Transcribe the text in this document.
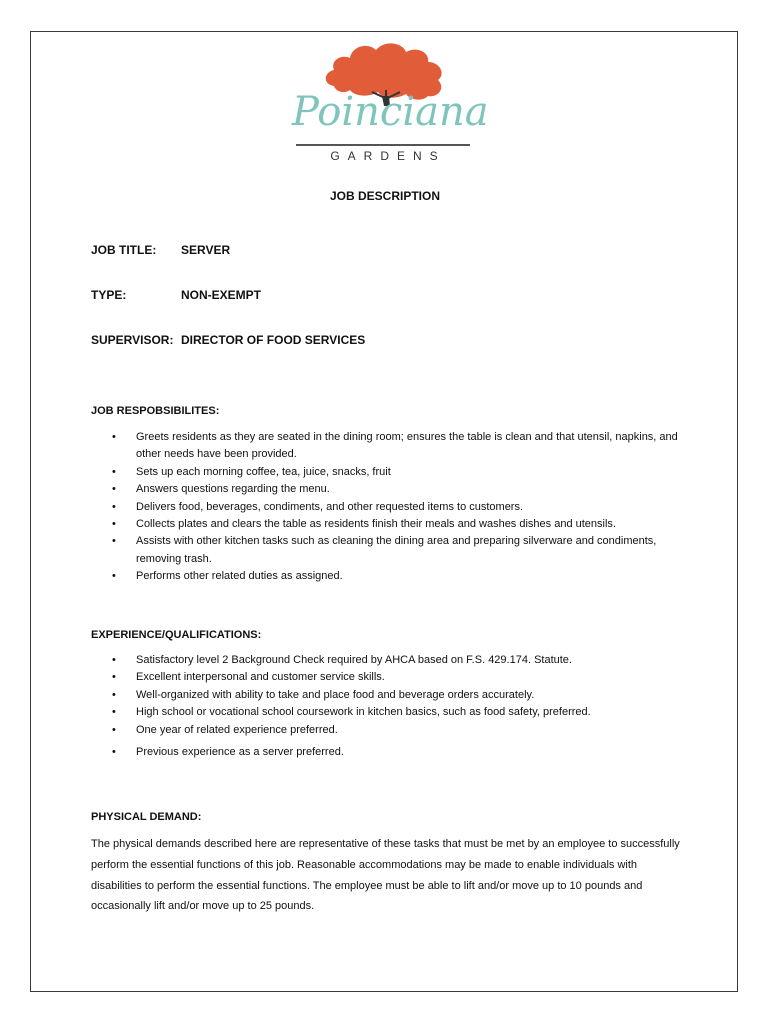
Poinciana
GARDENS
JOB DESCRIPTION
JOB TITLE: SERVER
TYPE:	NON-EXEMPT
SUPERVISOR: DIRECTOR OF FOOD SERVICES
JOB RESPOBSIBILITES:
• Greets residents as they are seated in the dining room; ensures the table is clean and that utensil, napkins, and other needs have been provided.
• Sets up each morning coffee, tea, juice, snacks, fruit
• Answers questions regarding the menu.
• Delivers food, beverages, condiments, and other requested items to customers.
• Collects plates and clears the table as residents finish their meals and washes dishes and utensils.
• Assists with other kitchen tasks such as cleaning the dining area and preparing silverware and condiments, removing trash.
• Performs other related duties as assigned.
EXPERIENCE/QUALIFICATIONS:
• Satisfactory level 2 Background Check required by AHCA based on F.S. 429.174. Statute.
• Excellent interpersonal and customer service skills.
• Well-organized with ability to take and place food and beverage orders accurately.
• High school or vocational school coursework in kitchen basics, such as food safety, preferred.
• One year of related experience preferred.
• Previous experience as a server preferred.
PHYSICAL DEMAND:

The physical demands described here are representative of these tasks that must be met by an employee to successfully perform the essential functions of this job. Reasonable accommodations may be made to enable individuals with disabilities to perform the essential functions. The employee must be able to lift and/or move up to 10 pounds and occasionally lift and/or move up to 25 pounds.
